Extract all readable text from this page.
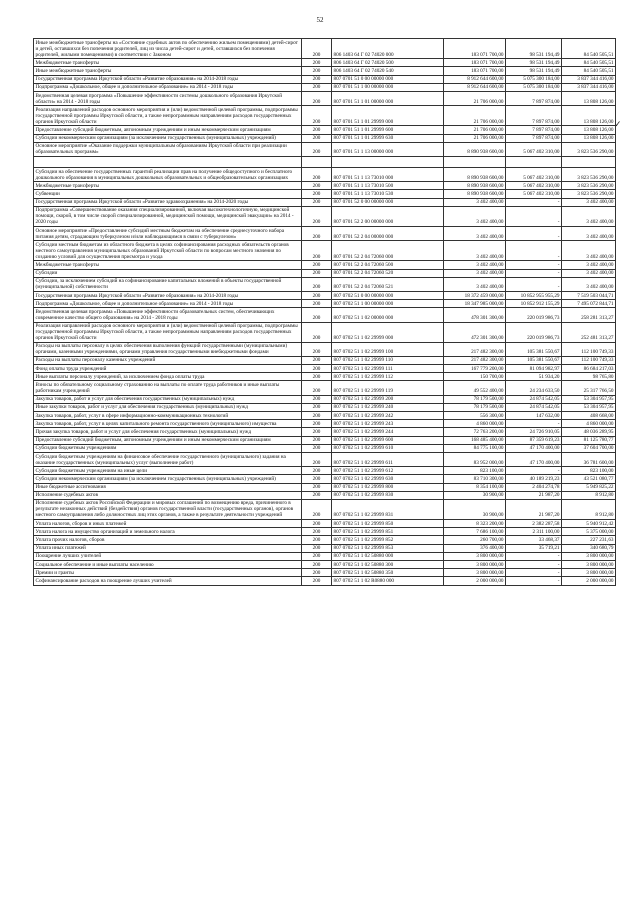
52
✓
Иные межбюджетные трансферты на «Состояние судебных актов по обеспечению жильем помещениями) детей-сирот и детей, оставшихся без попечения родителей, лиц из числа детей-сирот и детей, оставшихся без попечения родителей, жилыми помещениями) в соответствии с Законом	200	806 1403 64 Г 02 74020 000	183 071 700,00	98 531 194,49	84 540 505,51
Межбюджетные трансферты	200	806 1403 64 Г 02 74020 500	183 071 700,00	98 531 194,49	84 540 505,51
Иные межбюджетные трансферты	200	806 1403 64 Г 02 74020 540	183 071 700,00	98 531 194,49	84 540 505,51
Государственная программа Иркутской области «Развитие образования» на 2014-2018 годы	200	807 0701 51 0 00 00000 000	8 912 644 600,00	5 075 300 184,00	3 837 344 416,00
Подпрограмма «Дошкольное, общее и дополнительное образование» на 2014 - 2018 годы	200	807 0701 51 1 00 00000 000	8 912 644 600,00	5 075 300 184,00	3 837 344 416,00
Ведомственная целевая программа «Повышение эффективности системы дошкольного образования Иркутской области» на 2014 - 2018 годы	200	807 0701 51 1 01 00000 000	21 706 000,00	7 897 874,00	13 808 126,00
Реализация направлений расходов основного мероприятия и (или) ведомственной целевой программы, подпрограммы государственной программы Иркутской области, а также непрограммным направлениям расходов государственных органов Иркутской области	200	807 0701 51 1 01 29999 000	21 706 000,00	7 897 874,00	13 808 126,00
Предоставление субсидий бюджетным, автономным учреждениям и иным некоммерческим организациям	200	807 0701 51 1 01 29999 600	21 706 000,00	7 897 874,00	13 808 126,00
Субсидии некоммерческим организациям (за исключением государственных (муниципальных) учреждений)	200	807 0701 51 1 01 29999 630	21 706 000,00	7 897 874,00	13 808 126,00
Основное мероприятие «Оказание поддержки муниципальным образованиям Иркутской области при реализации образовательных программ»	200	807 0701 51 1 13 00000 000	8 890 938 600,00	5 067 402 310,00	3 823 536 290,00

Субсидии на обеспечение государственных гарантий реализации прав на получение общедоступного и бесплатного дошкольного образования в муниципальных дошкольных образовательных и общеобразовательных организациях	200	807 0701 51 1 13 73010 000	8 890 938 600,00	5 067 402 310,00	3 823 536 290,00
Межбюджетные трансферты	200	807 0701 51 1 13 73010 500	8 890 938 600,00	5 067 402 310,00	3 823 536 290,00
Субвенции	200	807 0701 51 1 13 73010 530	8 890 938 600,00	5 067 402 310,00	3 823 536 290,00
Государственная программа Иркутской области «Развитие здравоохранения» на 2014-2020 годы	200	807 0701 52 0 00 00000 000	3 402 400,00	-	3 402 400,00
Подпрограмма «Совершенствование оказания специализированной, включая высокотехнологичную, медицинской помощи, скорой, в том числе скорой специализированной, медицинской помощи, медицинской эвакуации» на 2014 - 2020 годы	200	807 0701 52 2 00 00000 000	3 402 400,00	-	3 402 400,00
Основное мероприятие «Предоставление субсидий местным бюджетам на обеспечение среднесуточного набора питания детям, страдающим туберкулезом и/или наблюдающимся в связи с туберкулезом»	200	807 0701 52 2 04 00000 000	3 402 400,00	-	3 402 400,00
Субсидии местным бюджетам из областного бюджета в целях софинансирования расходных обязательств органов местного самоуправления муниципальных образований Иркутской области по вопросам местного значения по созданию условий для осуществления присмотра и ухода	200	807 0701 52 2 04 72060 000	3 402 400,00	-	3 402 400,00
Межбюджетные трансферты	200	807 0701 52 2 04 72060 500	3 402 400,00	-	3 402 400,00
Субсидии	200	807 0701 52 2 04 72060 520	3 402 400,00	-	3 402 400,00
Субсидии, за исключением субсидий на софинансирование капитальных вложений в объекты государственной (муниципальной) собственности	200	807 0701 52 2 04 72060 521	3 402 400,00	-	3 402 400,00
Государственная программа Иркутской области «Развитие образования» на 2014-2018 годы	200	807 0702 51 0 00 00000 000	18 372 459 000,00	10 852 955 955,29	7 519 503 044,71
Подпрограмма «Дошкольное, общее и дополнительное образование» на 2014 - 2018 годы	200	807 0702 51 1 00 00000 000	18 347 985 000,00	10 852 912 155,29	7 495 072 844,71
Ведомственная целевая программа «Повышение эффективности образовательных систем, обеспечивающих современное качество общего образования» на 2014 - 2018 годы	200	807 0702 51 1 02 00000 000	478 301 300,00	220 019 986,73	258 281 313,27
Реализация направлений расходов основного мероприятия и (или) ведомственной целевой программы, подпрограммы государственной программы Иркутской области, а также непрограммным направлениям расходов государственных органов Иркутской области	200	807 0702 51 1 02 29999 000	472 301 300,00	220 019 986,73	252 481 313,27
Расходы на выплаты персоналу в целях обеспечения выполнения функций государственными (муниципальными) органами, казенными учреждениями, органами управления государственными внебюджетными фондами	200	807 0702 51 1 02 29999 100	217 482 300,00	105 381 550,67	112 100 749,33
Расходы на выплаты персоналу казенных учреждений	200	807 0702 51 1 02 29999 110	217 482 300,00	105 381 550,67	112 100 749,33
Фонд оплаты труда учреждений	200	807 0702 51 1 02 29999 111	167 779 200,00	81 094 982,97	86 684 217,03
Иные выплаты персоналу учреждений, за исключением фонда оплаты труда	200	807 0702 51 1 02 29999 112	150 700,00	51 934,20	98 765,80
Взносы по обязательному социальному страхованию на выплаты по оплате труда работников и иные выплаты работникам учреждений	200	807 0702 51 1 02 29999 119	49 552 400,00	24 234 633,50	25 317 766,50
Закупка товаров, работ и услуг для обеспечения государственных (муниципальных) нужд	200	807 0702 51 1 02 29999 200	78 179 500,00	24 874 542,05	53 304 957,95
Иные закупки товаров, работ и услуг для обеспечения государственных (муниципальных) нужд	200	807 0702 51 1 02 29999 240	78 179 500,00	24 874 542,05	53 304 957,95
Закупка товаров, работ, услуг в сфере информационно-коммуникационных технологий	200	807 0702 51 1 02 29999 242	556 300,00	147 632,00	408 668,00
Закупка товаров, работ, услуг в целях капитального ремонта государственного (муниципального) имущества	200	807 0702 51 1 02 29999 243	4 860 000,00	-	4 860 000,00
Прочая закупка товаров, работ и услуг для обеспечения государственных (муниципальных) нужд	200	807 0702 51 1 02 29999 244	72 763 200,00	24 726 910,05	48 036 289,95
Предоставление субсидий бюджетным, автономным учреждениям и иным некоммерческим организациям	200	807 0702 51 1 02 29999 600	168 485 400,00	87 359 619,23	81 125 780,77
Субсидии бюджетным учреждениям	200	807 0702 51 1 02 29999 610	84 775 100,00	47 170 400,00	37 604 700,00
Субсидии бюджетным учреждениям на финансовое обеспечение государственного (муниципального) задания на оказание государственных (муниципальных) услуг (выполнение работ)	200	807 0702 51 1 02 29999 611	83 952 000,00	47 170 400,00	36 781 600,00
Субсидии бюджетным учреждениям на иные цели	200	807 0702 51 1 02 29999 612	823 100,00	-	823 100,00
Субсидии некоммерческим организациям (за исключением государственных (муниципальных) учреждений)	200	807 0702 51 1 02 29999 630	83 710 300,00	40 189 219,23	43 521 080,77
Иные бюджетные ассигнования	200	807 0702 51 1 02 29999 800	8 354 100,00	2 404 274,78	5 949 825,22
Исполнение судебных актов	200	807 0702 51 1 02 29999 830	30 900,00	21 987,20	8 912,80
Исполнение судебных актов Российской Федерации и мировых соглашений по возмещению вреда, причиненного в результате незаконных действий (бездействия) органов государственной власти (государственных органов), органов местного самоуправления либо должностных лиц этих органов, а также в результате деятельности учреждений	200	807 0702 51 1 02 29999 831	30 900,00	21 987,20	8 912,80
Уплата налогов, сборов и иных платежей	200	807 0702 51 1 02 29999 850	8 323 200,00	2 382 287,58	5 940 912,42
Уплата налога на имущество организаций и земельного налога	200	807 0702 51 1 02 29999 851	7 686 100,00	2 311 100,00	5 375 000,00
Уплата прочих налогов, сборов	200	807 0702 51 1 02 29999 852	260 700,00	33 468,37	227 231,63
Уплата иных платежей	200	807 0702 51 1 02 29999 853	376 400,00	35 719,21	340 680,79
Поощрение лучших учителей	200	807 0702 51 1 02 50880 000	3 800 000,00	-	3 800 000,00
Социальное обеспечение и иные выплаты населению	200	807 0702 51 1 02 50880 300	3 800 000,00	-	3 800 000,00
Премии и гранты	200	807 0702 51 1 02 50880 350	3 800 000,00	-	3 800 000,00
Софинансирование расходов на поощрение лучших учителей	200	807 0702 51 1 02 R0880 000	2 000 000,00	-	2 000 000,00
